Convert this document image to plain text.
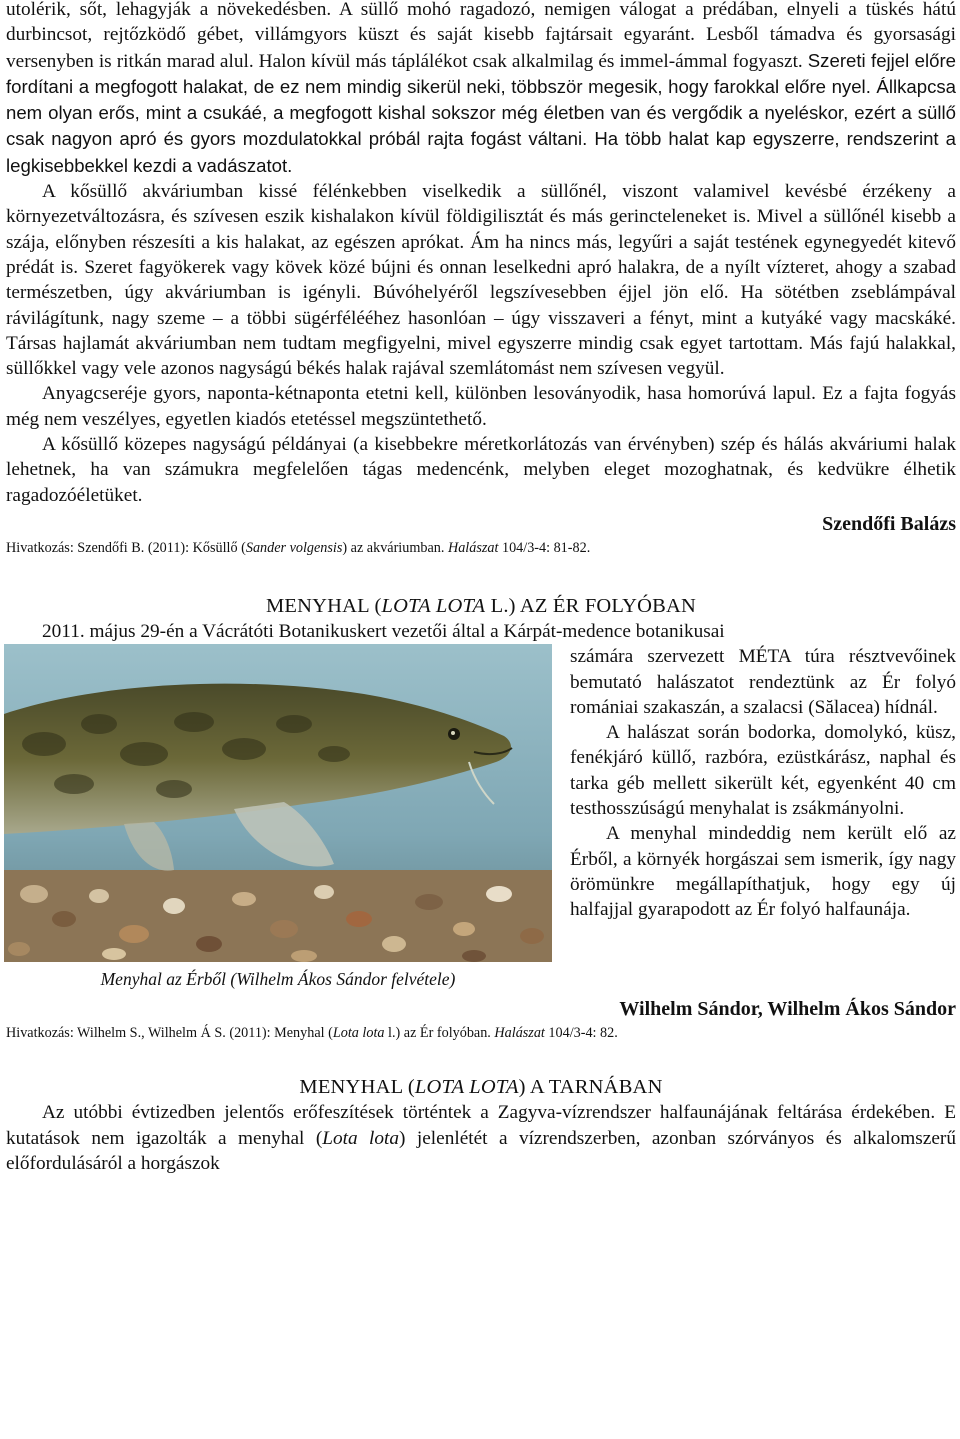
utolérik, sőt, lehagyják a növekedésben. A süllő mohó ragadozó, nemigen válogat a prédában, elnyeli a tüskés hátú durbincsot, rejtőzködő gébet, villámgyors küszt és saját kisebb fajtársait egyaránt. Lesből támadva és gyorsasági versenyben is ritkán marad alul. Halon kívül más táplálékot csak alkalmilag és immel-ámmal fogyaszt. Szereti fejjel előre fordítani a megfogott halakat, de ez nem mindig sikerül neki, többször megesik, hogy farokkal előre nyel. Állkapcsa nem olyan erős, mint a csukáé, a megfogott kishal sokszor még életben van és vergődik a nyeléskor, ezért a süllő csak nagyon apró és gyors mozdulatokkal próbál rajta fogást váltani. Ha több halat kap egyszerre, rendszerint a legkisebbekkel kezdi a vadászatot.

A kősüllő akváriumban kissé félénkebben viselkedik a süllőnél, viszont valamivel kevésbé érzékeny a környezetváltozásra, és szívesen eszik kishalakon kívül földigilisztát és más gerincteleneket is. Mivel a süllőnél kisebb a szája, előnyben részesíti a kis halakat, az egészen aprókat. Ám ha nincs más, legyűri a saját testének egynegyedét kitevő prédát is. Szeret fagyökerek vagy kövek közé bújni és onnan leselkedni apró halakra, de a nyílt vízteret, ahogy a szabad természetben, úgy akváriumban is igényli. Búvóhelyéről legszívesebben éjjel jön elő. Ha sötétben zseblámpával rávilágítunk, nagy szeme – a többi sügérfélééhez hasonlóan – úgy visszaveri a fényt, mint a kutyáké vagy macskáké. Társas hajlamát akváriumban nem tudtam megfigyelni, mivel egyszerre mindig csak egyet tartottam. Más fajú halakkal, süllőkkel vagy vele azonos nagyságú békés halak rajával szemlátomást nem szívesen vegyül.

Anyagcseréje gyors, naponta-kétnaponta etetni kell, különben lesoványodik, hasa homorúvá lapul. Ez a fajta fogyás még nem veszélyes, egyetlen kiadós etetéssel megszüntethető.

A kősüllő közepes nagyságú példányai (a kisebbekre méretkorlátozás van érvényben) szép és hálás akváriumi halak lehetnek, ha van számukra megfelelően tágas medencénk, melyben eleget mozoghatnak, és kedvükre élhetik ragadozóéletüket.

Szendőfi Balázs

Hivatkozás: Szendőfi B. (2011): Kősüllő (Sander volgensis) az akváriumban. Halászat 104/3-4: 81-82.

MENYHAL (LOTA LOTA L.) AZ ÉR FOLYÓBAN

2011. május 29-én a Vácrátóti Botanikuskert vezetői által a Kárpát-medence botanikusai

Menyhal az Érből (Wilhelm Ákos Sándor felvétele)

számára szervezett MÉTA túra résztvevőinek bemutató halászatot rendeztünk az Ér folyó romániai szakaszán, a szalacsi (Sălacea) hídnál.

A halászat során bodorka, domolykó, küsz, fenékjáró küllő, razbóra, ezüstkárász, naphal és tarka géb mellett sikerült két, egyenként 40 cm testhosszúságú menyhalat is zsákmányolni.

A menyhal mindeddig nem került elő az Érből, a környék horgászai sem ismerik, így nagy örömünkre megállapíthatjuk, hogy egy új halfajjal gyarapodott az Ér folyó halfaunája.

Wilhelm Sándor, Wilhelm Ákos Sándor

Hivatkozás: Wilhelm S., Wilhelm Á S. (2011): Menyhal (Lota lota l.) az Ér folyóban. Halászat 104/3-4: 82.

MENYHAL (LOTA LOTA) A TARNÁBAN

Az utóbbi évtizedben jelentős erőfeszítések történtek a Zagyva-vízrendszer halfaunájának feltárása érdekében. E kutatások nem igazolták a menyhal (Lota lota) jelenlétét a vízrendszerben, azonban szórványos és alkalomszerű előfordulásáról a horgászok
